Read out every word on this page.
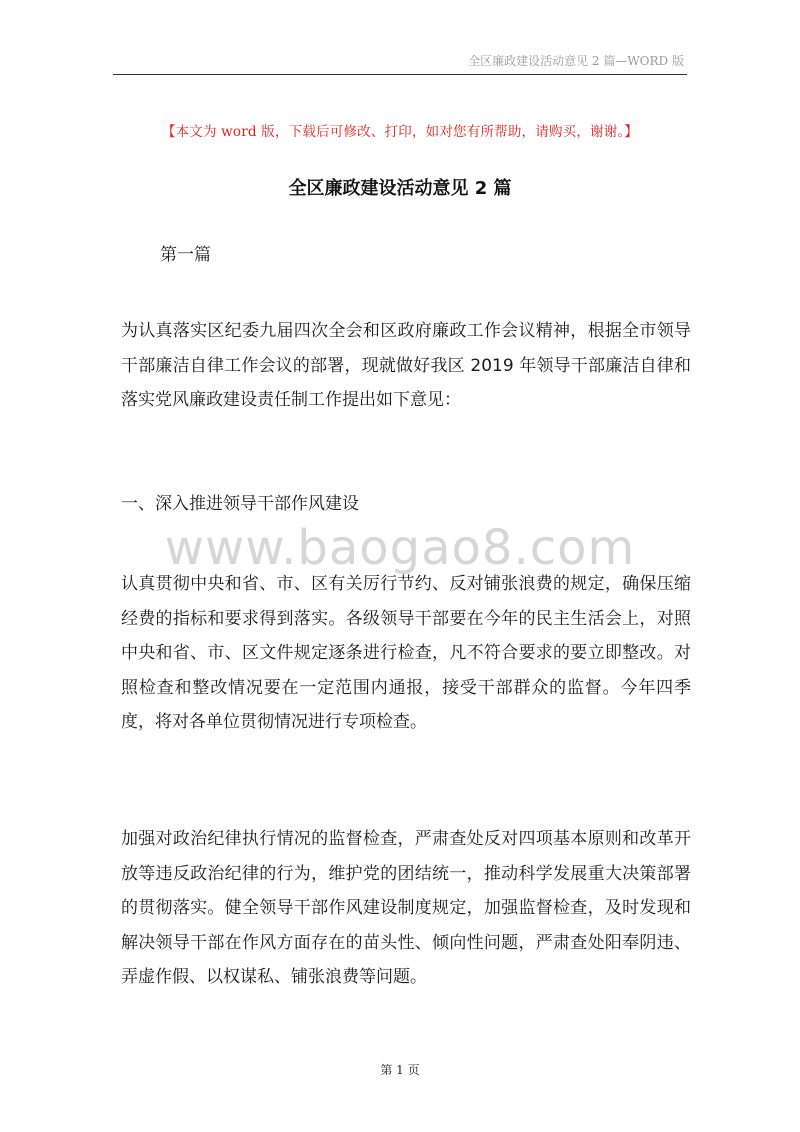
全区廉政建设活动意见 2 篇—WORD 版
【本文为 word 版，下载后可修改、打印，如对您有所帮助，请购买，谢谢。】
全区廉政建设活动意见 2 篇
第一篇

为认真落实区纪委九届四次全会和区政府廉政工作会议精神，根据全市领导干部廉洁自律工作会议的部署，现就做好我区 2019 年领导干部廉洁自律和落实党风廉政建设责任制工作提出如下意见：

一、深入推进领导干部作风建设

www.baogao8.com

认真贯彻中央和省、市、区有关厉行节约、反对铺张浪费的规定，确保压缩经费的指标和要求得到落实。各级领导干部要在今年的民主生活会上，对照中央和省、市、区文件规定逐条进行检查，凡不符合要求的要立即整改。对照检查和整改情况要在一定范围内通报，接受干部群众的监督。今年四季度，将对各单位贯彻情况进行专项检查。

加强对政治纪律执行情况的监督检查，严肃查处反对四项基本原则和改革开放等违反政治纪律的行为，维护党的团结统一，推动科学发展重大决策部署的贯彻落实。健全领导干部作风建设制度规定，加强监督检查，及时发现和解决领导干部在作风方面存在的苗头性、倾向性问题，严肃查处阳奉阴违、弄虚作假、以权谋私、铺张浪费等问题。

第 1 页
